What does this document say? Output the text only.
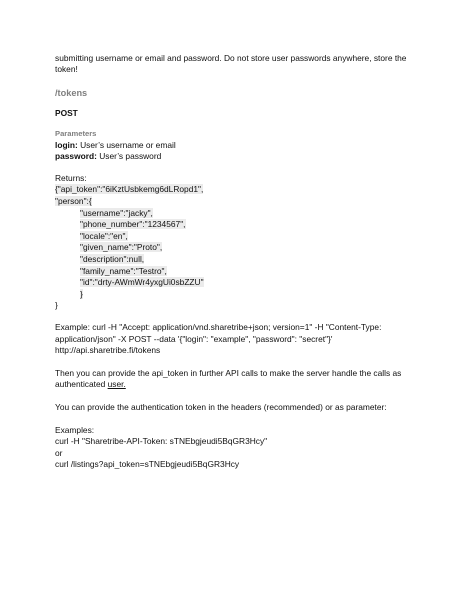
submitting username or email and password. Do not store user passwords anywhere, store the
token!
/tokens
POST
Parameters
login: User’s username or email
password: User’s password
Returns:
{"api_token":"6iKztUsbkemg6dLRopd1",
"person":{
"username":"jacky",
"phone_number":"1234567",
"locale":"en",
"given_name":"Proto",
"description":null,
"family_name":"Testro",
"id":"drty-AWmWr4yxgUi0sbZZU"
}
}
Example: curl -H "Accept: application/vnd.sharetribe+json; version=1" -H "Content-Type:
application/json" -X POST --data '{"login": "example", "password": "secret"}'
http://api.sharetribe.fi/tokens
Then you can provide the api_token in further API calls to make the server handle the calls as
authenticated user.
You can provide the authentication token in the headers (recommended) or as parameter:
Examples:
curl -H "Sharetribe-API-Token: sTNEbgjeudi5BqGR3Hcy"
or
curl /listings?api_token=sTNEbgjeudi5BqGR3Hcy
